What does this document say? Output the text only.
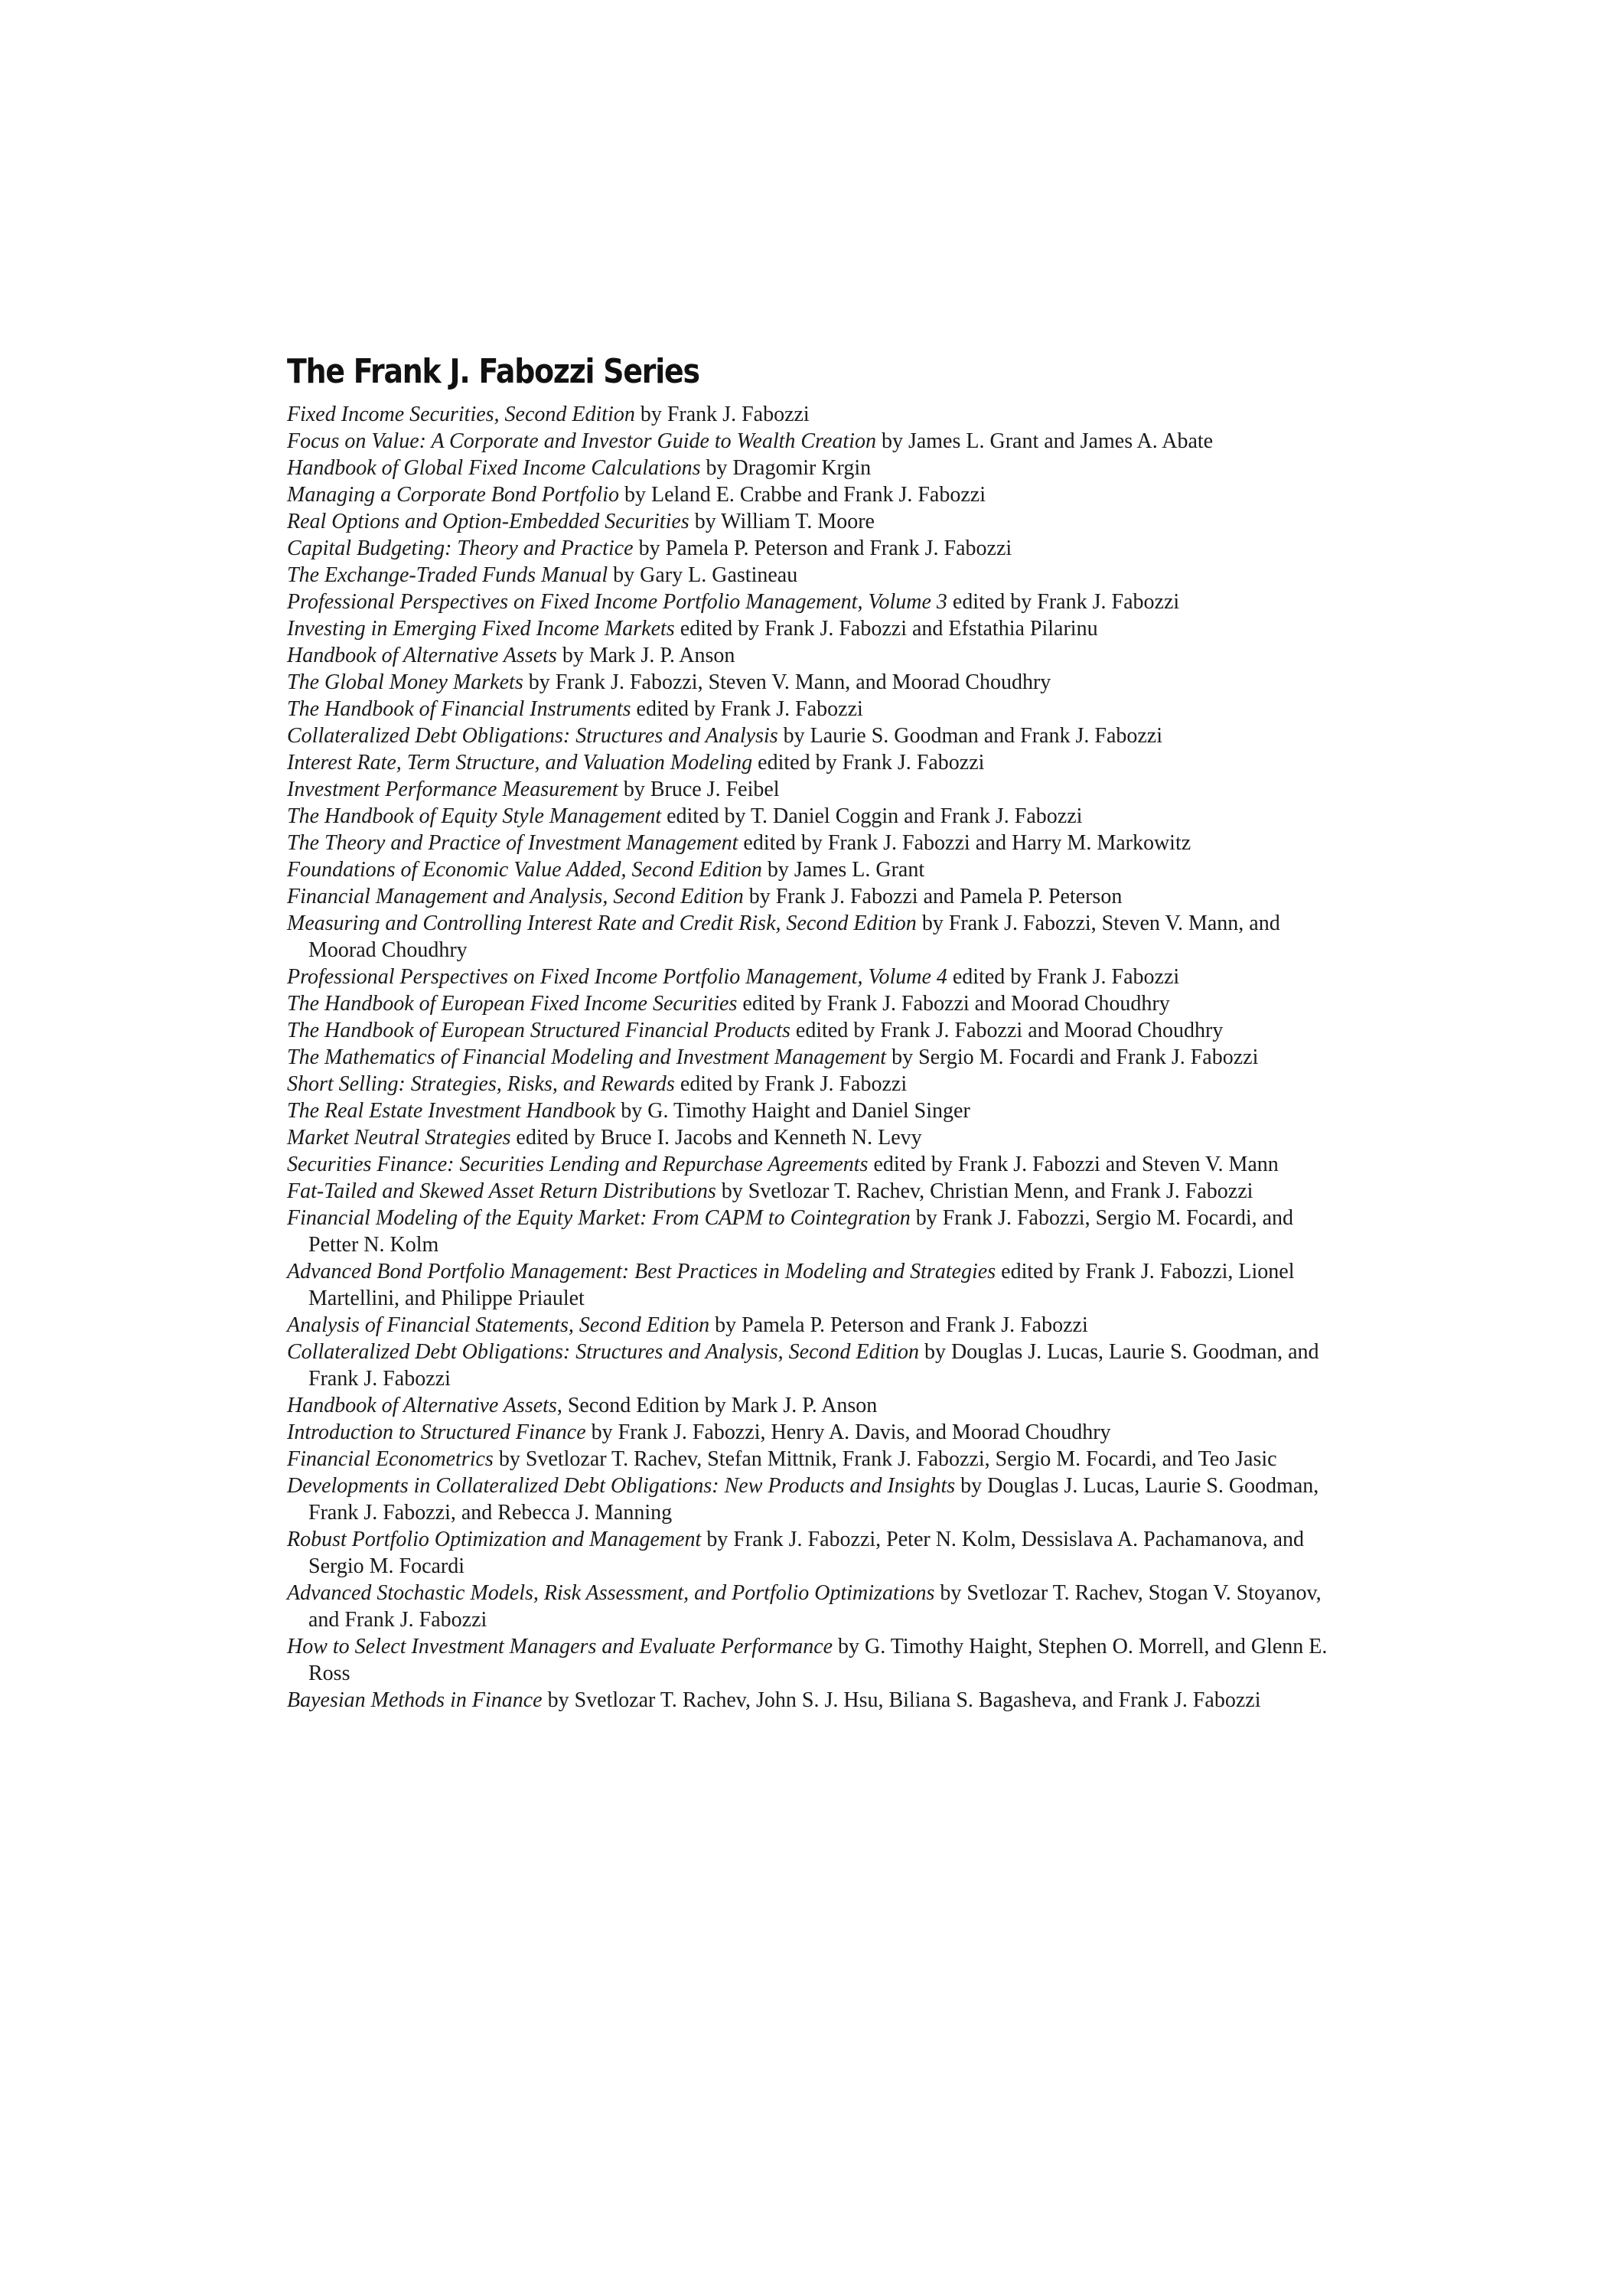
The Frank J. Fabozzi Series
Fixed Income Securities, Second Edition by Frank J. Fabozzi
Focus on Value: A Corporate and Investor Guide to Wealth Creation by James L. Grant and James A. Abate
Handbook of Global Fixed Income Calculations by Dragomir Krgin
Managing a Corporate Bond Portfolio by Leland E. Crabbe and Frank J. Fabozzi
Real Options and Option-Embedded Securities by William T. Moore
Capital Budgeting: Theory and Practice by Pamela P. Peterson and Frank J. Fabozzi
The Exchange-Traded Funds Manual by Gary L. Gastineau
Professional Perspectives on Fixed Income Portfolio Management, Volume 3 edited by Frank J. Fabozzi
Investing in Emerging Fixed Income Markets edited by Frank J. Fabozzi and Efstathia Pilarinu
Handbook of Alternative Assets by Mark J. P. Anson
The Global Money Markets by Frank J. Fabozzi, Steven V. Mann, and Moorad Choudhry
The Handbook of Financial Instruments edited by Frank J. Fabozzi
Collateralized Debt Obligations: Structures and Analysis by Laurie S. Goodman and Frank J. Fabozzi
Interest Rate, Term Structure, and Valuation Modeling edited by Frank J. Fabozzi
Investment Performance Measurement by Bruce J. Feibel
The Handbook of Equity Style Management edited by T. Daniel Coggin and Frank J. Fabozzi
The Theory and Practice of Investment Management edited by Frank J. Fabozzi and Harry M. Markowitz
Foundations of Economic Value Added, Second Edition by James L. Grant
Financial Management and Analysis, Second Edition by Frank J. Fabozzi and Pamela P. Peterson
Measuring and Controlling Interest Rate and Credit Risk, Second Edition by Frank J. Fabozzi, Steven V. Mann, and Moorad Choudhry
Professional Perspectives on Fixed Income Portfolio Management, Volume 4 edited by Frank J. Fabozzi
The Handbook of European Fixed Income Securities edited by Frank J. Fabozzi and Moorad Choudhry
The Handbook of European Structured Financial Products edited by Frank J. Fabozzi and Moorad Choudhry
The Mathematics of Financial Modeling and Investment Management by Sergio M. Focardi and Frank J. Fabozzi
Short Selling: Strategies, Risks, and Rewards edited by Frank J. Fabozzi
The Real Estate Investment Handbook by G. Timothy Haight and Daniel Singer
Market Neutral Strategies edited by Bruce I. Jacobs and Kenneth N. Levy
Securities Finance: Securities Lending and Repurchase Agreements edited by Frank J. Fabozzi and Steven V. Mann
Fat-Tailed and Skewed Asset Return Distributions by Svetlozar T. Rachev, Christian Menn, and Frank J. Fabozzi
Financial Modeling of the Equity Market: From CAPM to Cointegration by Frank J. Fabozzi, Sergio M. Focardi, and Petter N. Kolm
Advanced Bond Portfolio Management: Best Practices in Modeling and Strategies edited by Frank J. Fabozzi, Lionel Martellini, and Philippe Priaulet
Analysis of Financial Statements, Second Edition by Pamela P. Peterson and Frank J. Fabozzi
Collateralized Debt Obligations: Structures and Analysis, Second Edition by Douglas J. Lucas, Laurie S. Goodman, and Frank J. Fabozzi
Handbook of Alternative Assets, Second Edition by Mark J. P. Anson
Introduction to Structured Finance by Frank J. Fabozzi, Henry A. Davis, and Moorad Choudhry
Financial Econometrics by Svetlozar T. Rachev, Stefan Mittnik, Frank J. Fabozzi, Sergio M. Focardi, and Teo Jasic
Developments in Collateralized Debt Obligations: New Products and Insights by Douglas J. Lucas, Laurie S. Goodman, Frank J. Fabozzi, and Rebecca J. Manning
Robust Portfolio Optimization and Management by Frank J. Fabozzi, Peter N. Kolm, Dessislava A. Pachamanova, and Sergio M. Focardi
Advanced Stochastic Models, Risk Assessment, and Portfolio Optimizations by Svetlozar T. Rachev, Stogan V. Stoyanov, and Frank J. Fabozzi
How to Select Investment Managers and Evaluate Performance by G. Timothy Haight, Stephen O. Morrell, and Glenn E. Ross
Bayesian Methods in Finance by Svetlozar T. Rachev, John S. J. Hsu, Biliana S. Bagasheva, and Frank J. Fabozzi
